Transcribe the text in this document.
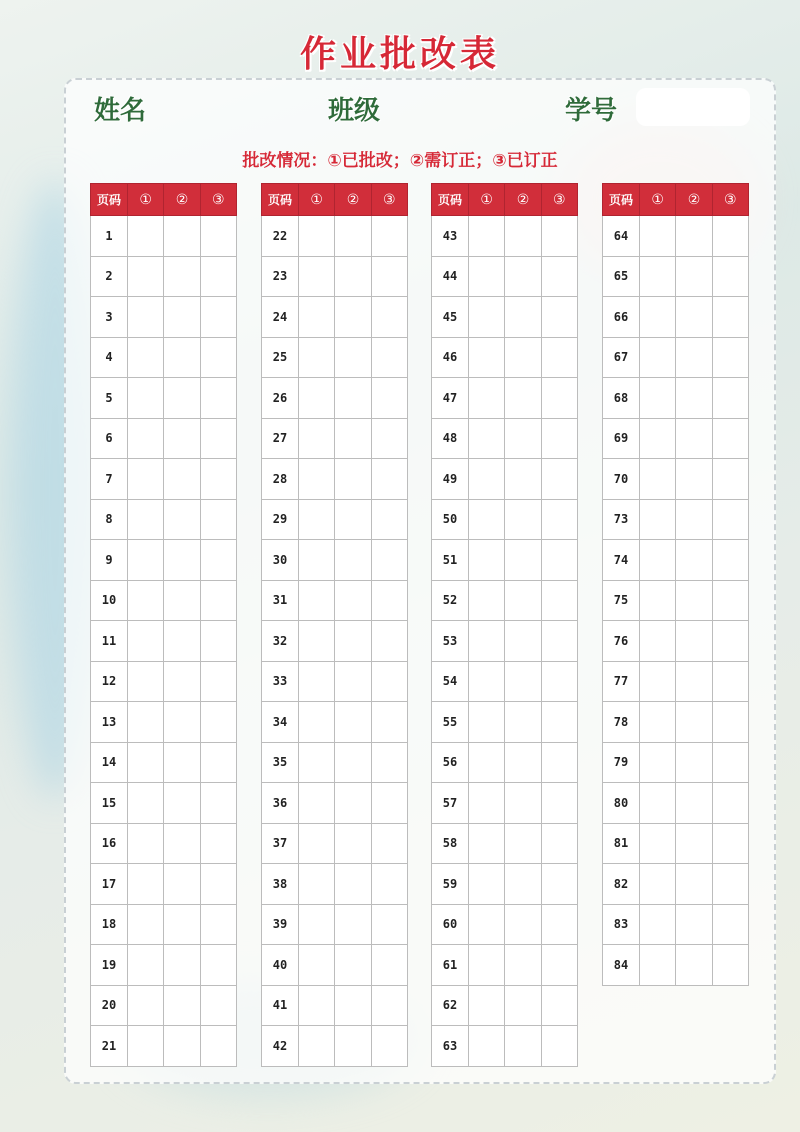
作业批改表
姓名	班级	学号
批改情况：①已批改；②需订正；③已订正
页码	①	②	③
1			
2			
3			
4			
5			
6			
7			
8			
9			
10			
11			
12			
13			
14			
15			
16			
17			
18			
19			
20			
21			
页码	①	②	③
22			
23			
24			
25			
26			
27			
28			
29			
30			
31			
32			
33			
34			
35			
36			
37			
38			
39			
40			
41			
42			
页码	①	②	③
43			
44			
45			
46			
47			
48			
49			
50			
51			
52			
53			
54			
55			
56			
57			
58			
59			
60			
61			
62			
63			
页码	①	②	③
64			
65			
66			
67			
68			
69			
70			
73			
74			
75			
76			
77			
78			
79			
80			
81			
82			
83			
84			
